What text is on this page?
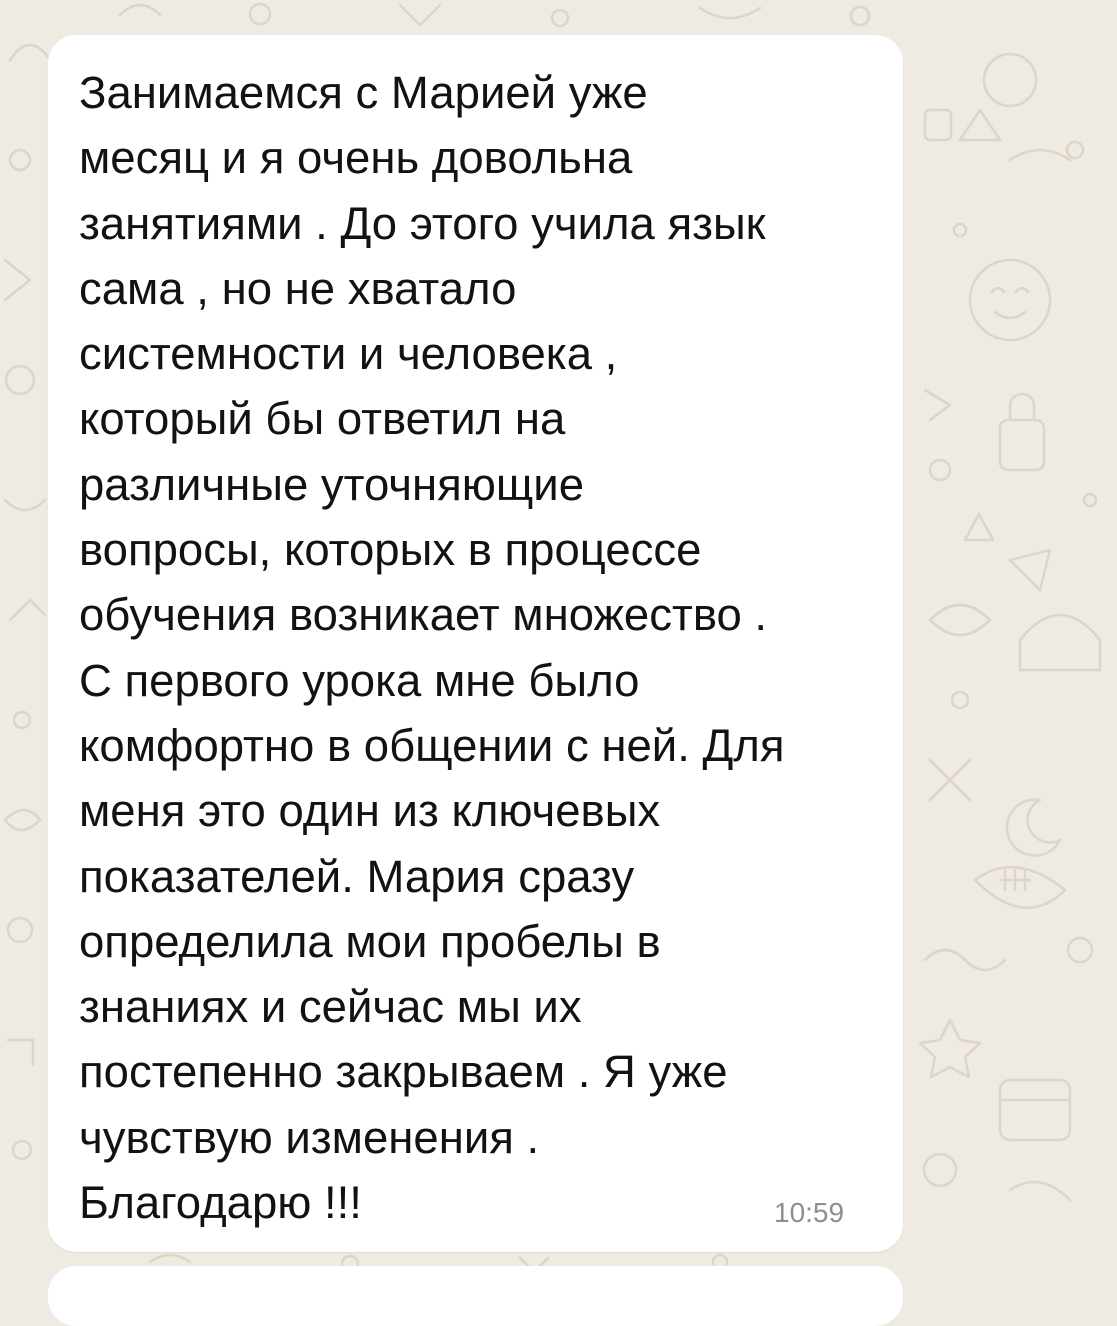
Занимаемся с Марией уже
месяц и я очень довольна
занятиями . До этого учила язык
сама , но не хватало
системности и человека ,
который бы ответил на
различные уточняющие
вопросы, которых в процессе
обучения возникает множество .
С первого урока мне было
комфортно в общении с ней. Для
меня это один из ключевых
показателей. Мария сразу
определила мои пробелы в
знаниях и сейчас мы их
постепенно закрываем . Я уже
чувствую изменения .
Благодарю !!!	10:59
